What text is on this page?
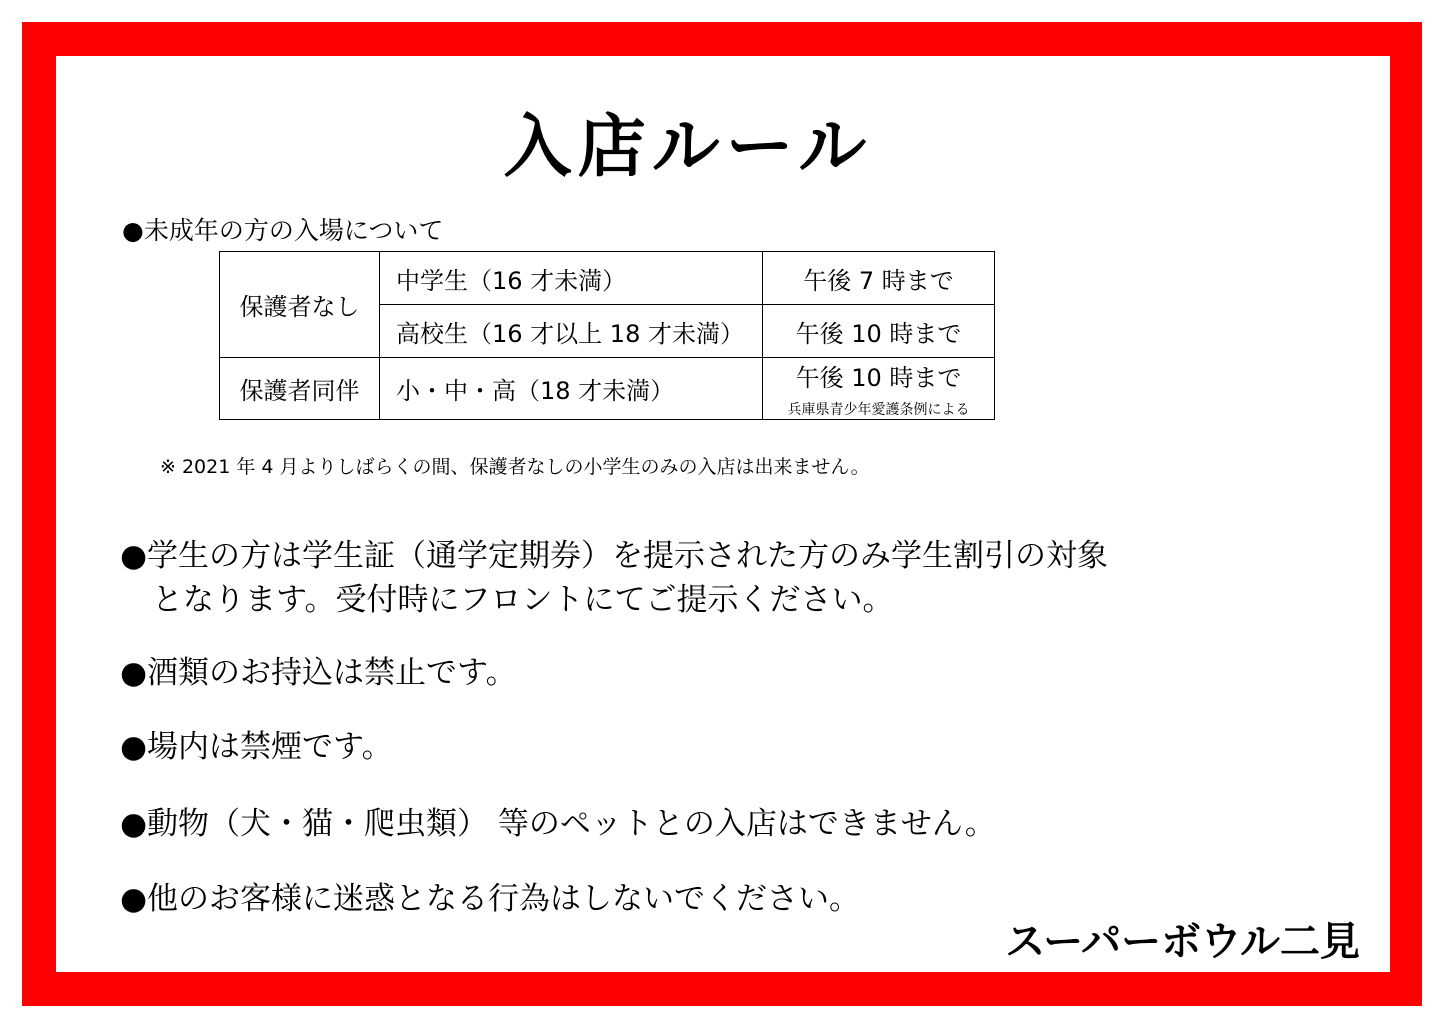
入店ルール
●未成年の方の入場について
保護者なし	中学生（16 才未満）	午後 7 時まで
	高校生（16 才以上 18 才未満）	午後 10 時まで
保護者同伴	小・中・高（18 才未満）	午後 10 時まで
兵庫県青少年愛護条例による
※ 2021 年 4 月よりしばらくの間、保護者なしの小学生のみの入店は出来ません。
●学生の方は学生証（通学定期券）を提示された方のみ学生割引の対象
となります。受付時にフロントにてご提示ください。
●酒類のお持込は禁止です。
●場内は禁煙です。
●動物（犬・猫・爬虫類） 等のペットとの入店はできません。
●他のお客様に迷惑となる行為はしないでください。
スーパーボウル二見
